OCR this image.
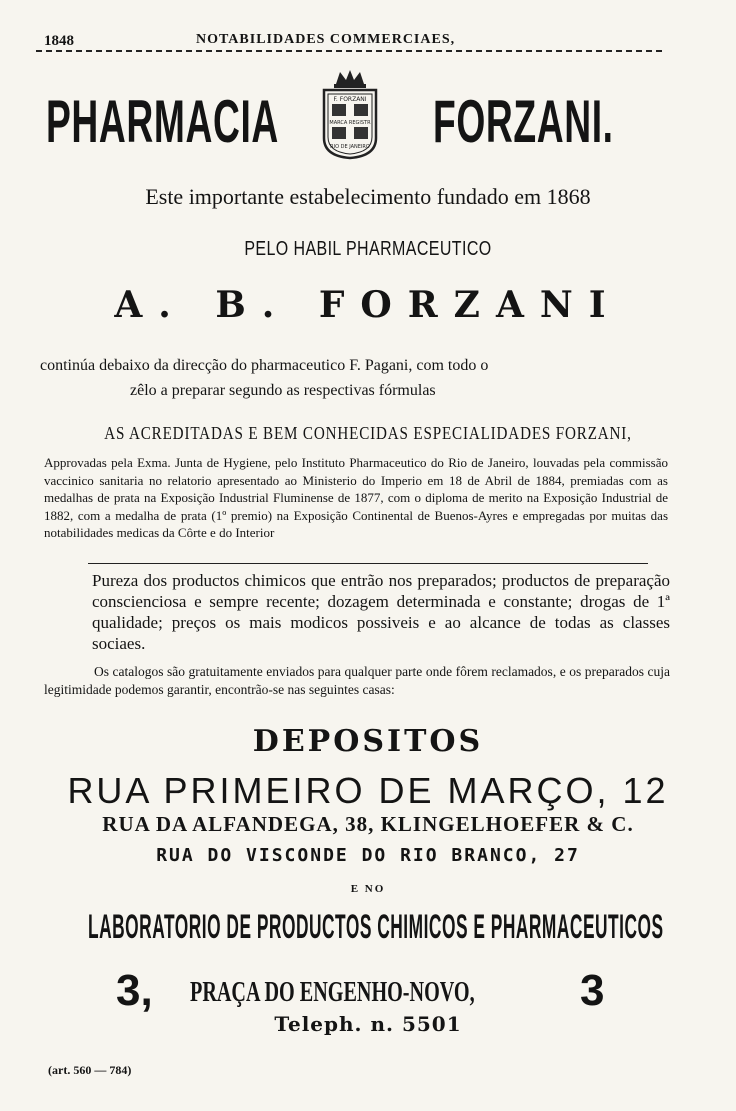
1848	NOTABILIDADES COMMERCIAES,
PHARMACIA	F. FORZANI
MARCA REGISTR
RIO DE JANEIRO FORZANI.
Este importante estabelecimento fundado em 1868
PELO HABIL PHARMACEUTICO
A. B. FORZANI
continúa debaixo da direcção do pharmaceutico F. Pagani, com todo o
zêlo a preparar segundo as respectivas fórmulas
AS ACREDITADAS E BEM CONHECIDAS ESPECIALIDADES FORZANI,
Approvadas pela Exma. Junta de Hygiene, pelo Instituto Pharmaceutico do Rio de Janeiro, louvadas pela commissão vaccinico sanitaria no relatorio apresentado ao Ministerio do Imperio em 18 de Abril de 1884, premiadas com as medalhas de prata na Exposição Industrial Fluminense de 1877, com o diploma de merito na Exposição Industrial de 1882, com a medalha de prata (1º premio) na Exposição Continental de Buenos-Ayres e empregadas por muitas das notabilidades medicas da Côrte e do Interior
Pureza dos productos chimicos que entrão nos preparados; productos de preparação conscienciosa e sempre recente; dozagem determinada e constante; drogas de 1ª qualidade; preços os mais modicos possiveis e ao alcance de todas as classes sociaes.
Os catalogos são gratuitamente enviados para qualquer parte onde fôrem reclamados, e os preparados cuja legitimidade podemos garantir, encontrão-se nas seguintes casas:
DEPOSITOS
RUA PRIMEIRO DE MARÇO, 12
RUA DA ALFANDEGA, 38, KLINGELHOEFER & C.
RUA DO VISCONDE DO RIO BRANCO, 27
E NO
LABORATORIO DE PRODUCTOS CHIMICOS E PHARMACEUTICOS
3, PRAÇA DO ENGENHO-NOVO, 3
Teleph. n. 5501
(art. 560 — 784)
